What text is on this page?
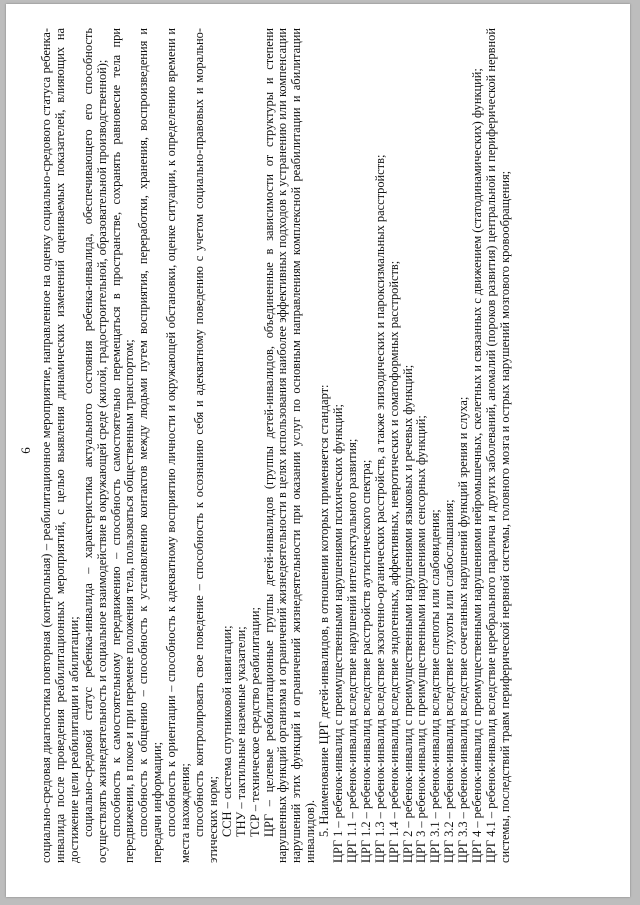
6 социально-средовая диагностика повторная (контрольная) – реабилитационное мероприятие, направленное на оценку социально-средового статуса ребенка-инвалида после проведения реабилитационных мероприятий, с целью выявления динамических изменений оцениваемых показателей, влияющих на достижение цели реабилитации и абилитации; социально-средовой статус ребенка-инвалида – характеристика актуального состояния ребенка-инвалида, обеспечивающего его способность осуществлять жизнедеятельность и социальное взаимодействие в окружающей среде (жилой, градостроительной, образовательной производственной); способность к самостоятельному передвижению – способность самостоятельно перемещаться в пространстве, сохранять равновесие тела при передвижении, в покое и при перемене положения тела, пользоваться общественным транспортом; способность к общению – способность к установлению контактов между людьми путем восприятия, переработки, хранения, воспроизведения и передачи информации; способность к ориентации – способность к адекватному восприятию личности и окружающей обстановки, оценке ситуации, к определению времени и места нахождения; способность контролировать свое поведение – способность к осознанию себя и адекватному поведению с учетом социально-правовых и морально-этических норм; ССН – система спутниковой навигации; ТНУ – тактильные наземные указатели; ТСР – техническое средство реабилитации; ЦРГ – целевые реабилитационные группы детей-инвалидов (группы детей-инвалидов, объединенные в зависимости от структуры и степени нарушенных функций организма и ограничений жизнедеятельности в целях использования наиболее эффективных подходов к устранению или компенсации нарушений этих функций и ограничений жизнедеятельности при оказании услуг по основным направлениям комплексной реабилитации и абилитации инвалидов). 5. Наименование ЦРГ детей-инвалидов, в отношении которых применяется стандарт: ЦРГ 1 – ребенок-инвалид с преимущественными нарушениями психических функций; ЦРГ 1.1 – ребенок-инвалид вследствие нарушений интеллектуального развития; ЦРГ 1.2 – ребенок-инвалид вследствие расстройств аутистического спектра; ЦРГ 1.3 – ребенок-инвалид вследствие экзогенно-органических расстройств, а также эпизодических и пароксизмальных расстройств; ЦРГ 1.4 – ребенок-инвалид вследствие эндогенных, аффективных, невротических и соматоформных расстройств; ЦРГ 2 – ребенок-инвалид с преимущественными нарушениями языковых и речевых функций; ЦРГ 3 – ребенок-инвалид с преимущественными нарушениями сенсорных функций; ЦРГ 3.1 – ребенок-инвалид вследствие слепоты или слабовидения; ЦРГ 3.2 – ребенок-инвалид вследствие глухоты или слабослышания; ЦРГ 3.3 – ребенок-инвалид вследствие сочетанных нарушений функций зрения и слуха; ЦРГ 4 – ребенок-инвалид с преимущественными нарушениями нейромышечных, скелетных и связанных с движением (статодинамических) функций; ЦРГ 4.1 – ребенок-инвалид вследствие церебрального паралича и других заболеваний, аномалий (пороков развития) центральной и периферической нервной системы, последствий травм периферической нервной системы, головного мозга и острых нарушений мозгового кровообращения;
